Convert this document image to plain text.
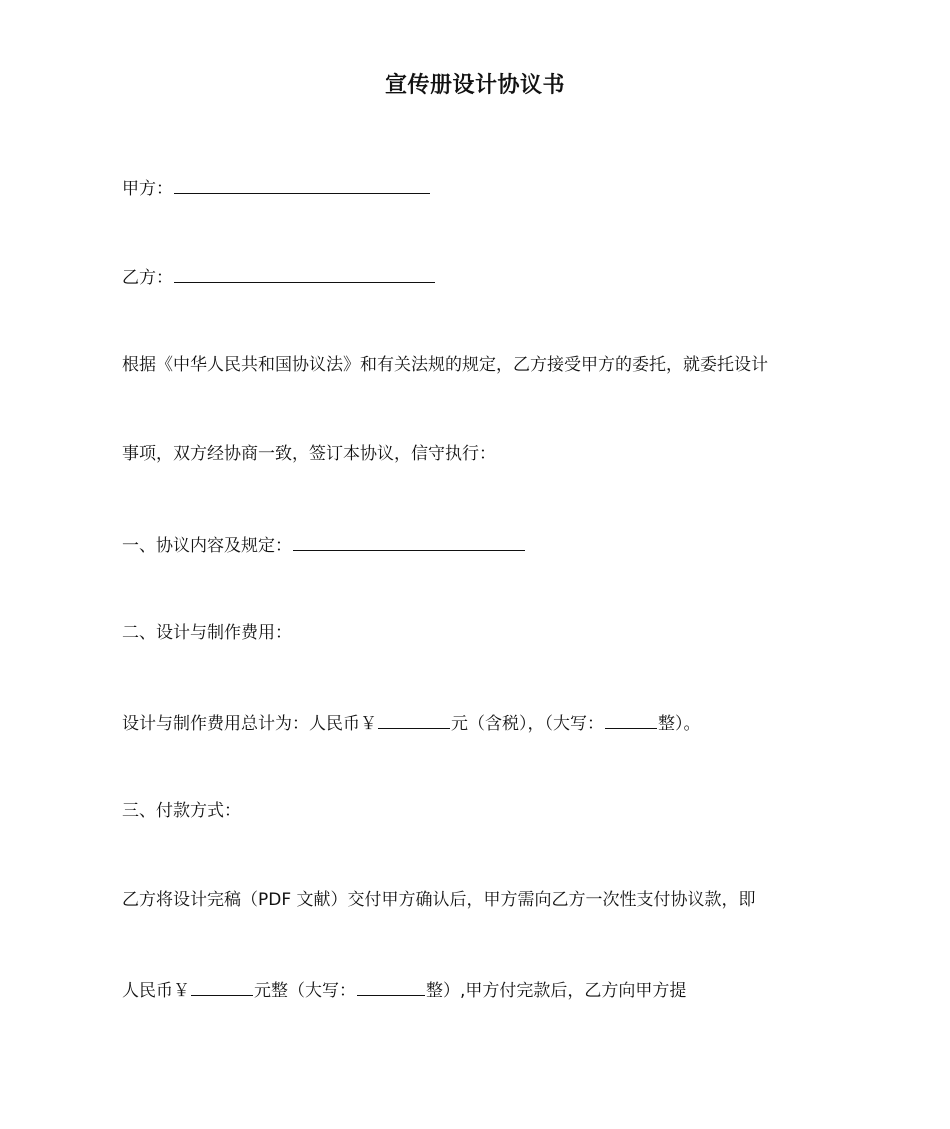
宣传册设计协议书
甲方：
乙方：
根据《中华人民共和国协议法》和有关法规的规定，乙方接受甲方的委托，就委托设计
事项，双方经协商一致，签订本协议，信守执行：
一、协议内容及规定：
二、设计与制作费用：
设计与制作费用总计为：人民币￥	元（含税），（大写：	整）。
三、付款方式：
乙方将设计完稿（PDF 文献）交付甲方确认后，甲方需向乙方一次性支付协议款，即
人民币￥	元整（大写：	整）,甲方付完款后，乙方向甲方提
